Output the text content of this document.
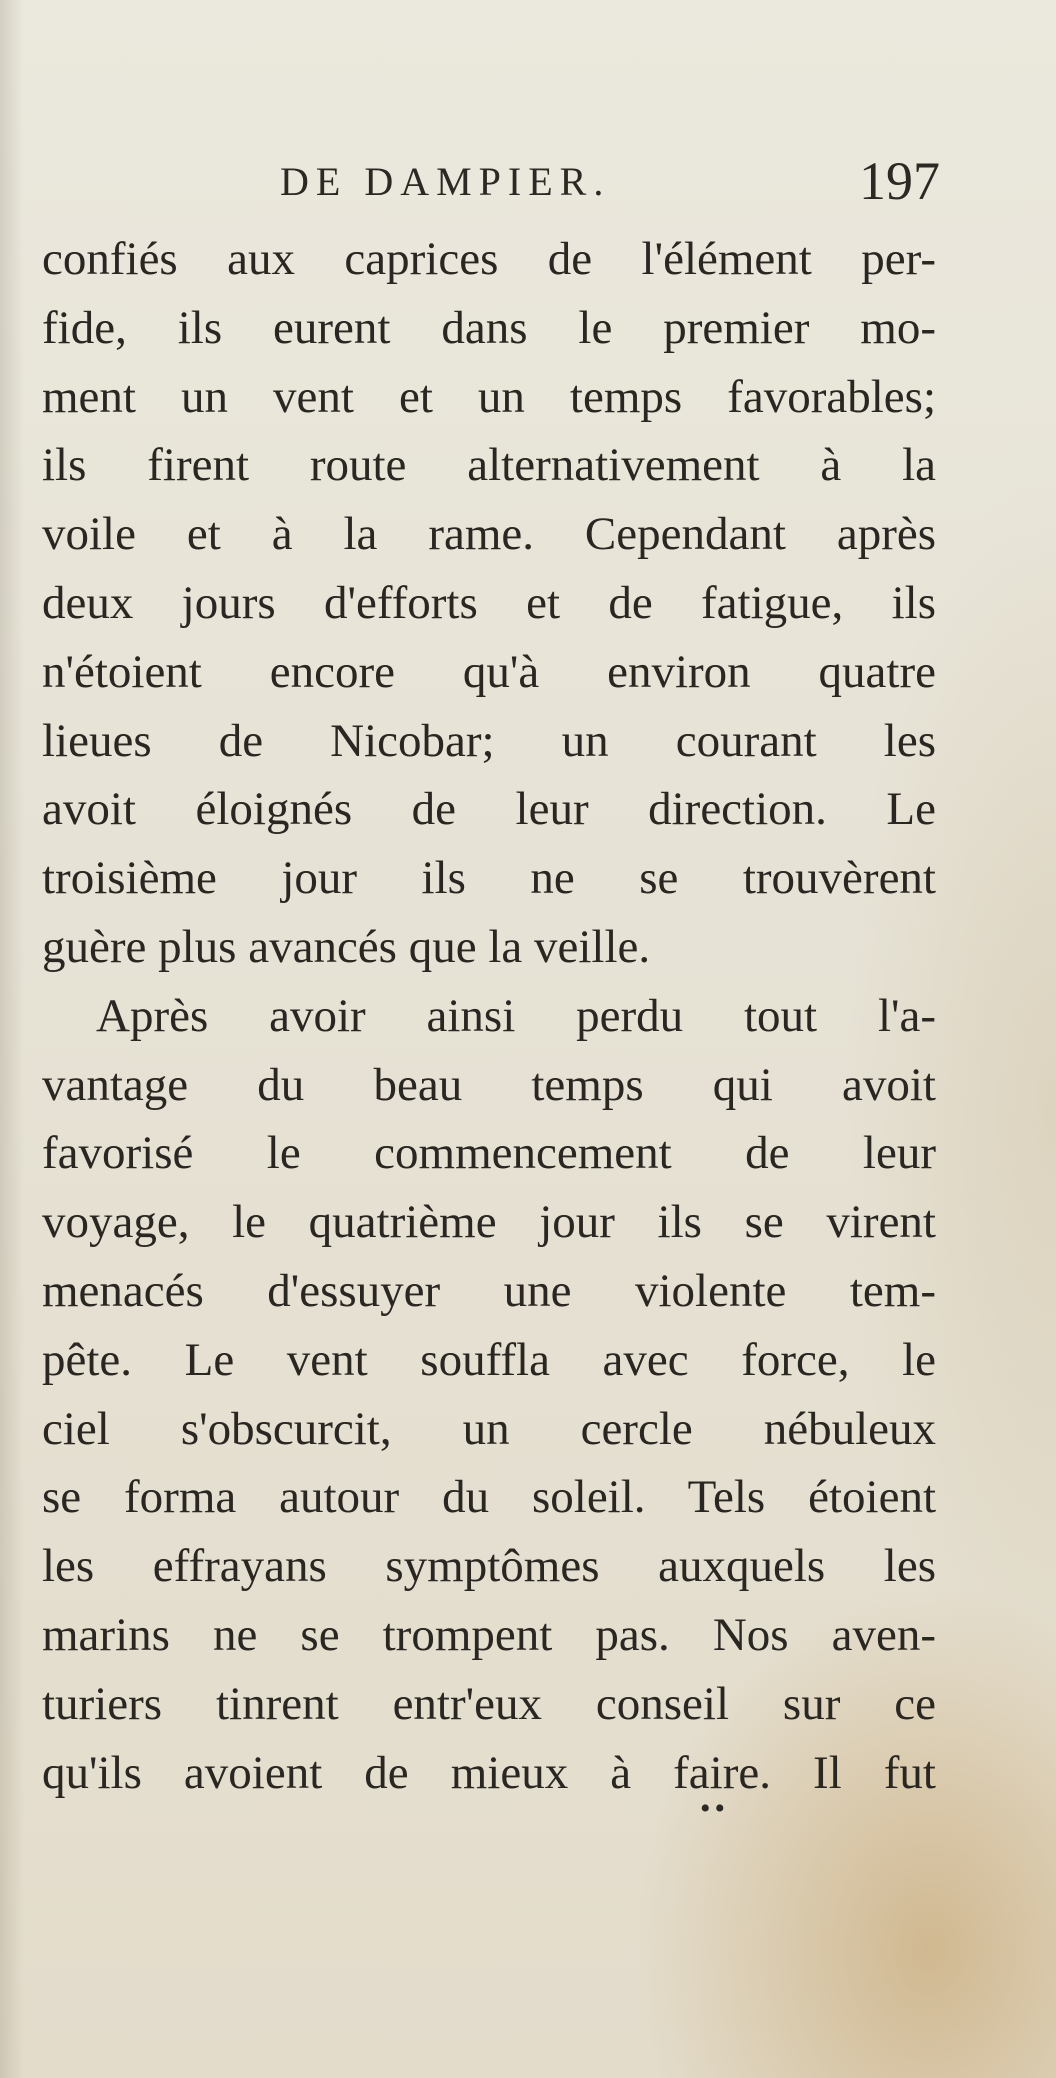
DE DAMPIER.	197
confiés aux caprices de l'élément per-
fide, ils eurent dans le premier mo-
ment un vent et un temps favorables;
ils firent route alternativement à la
voile et à la rame. Cependant après
deux jours d'efforts et de fatigue, ils
n'étoient encore qu'à environ quatre
lieues de Nicobar; un courant les
avoit éloignés de leur direction. Le
troisième jour ils ne se trouvèrent
guère plus avancés que la veille.
Après avoir ainsi perdu tout l'a-
vantage du beau temps qui avoit
favorisé le commencement de leur
voyage, le quatrième jour ils se virent
menacés d'essuyer une violente tem-
pête. Le vent souffla avec force, le
ciel s'obscurcit, un cercle nébuleux
se forma autour du soleil. Tels étoient
les effrayans symptômes auxquels les
marins ne se trompent pas. Nos aven-
turiers tinrent entr'eux conseil sur ce
qu'ils avoient de mieux à faire. Il fut
••
